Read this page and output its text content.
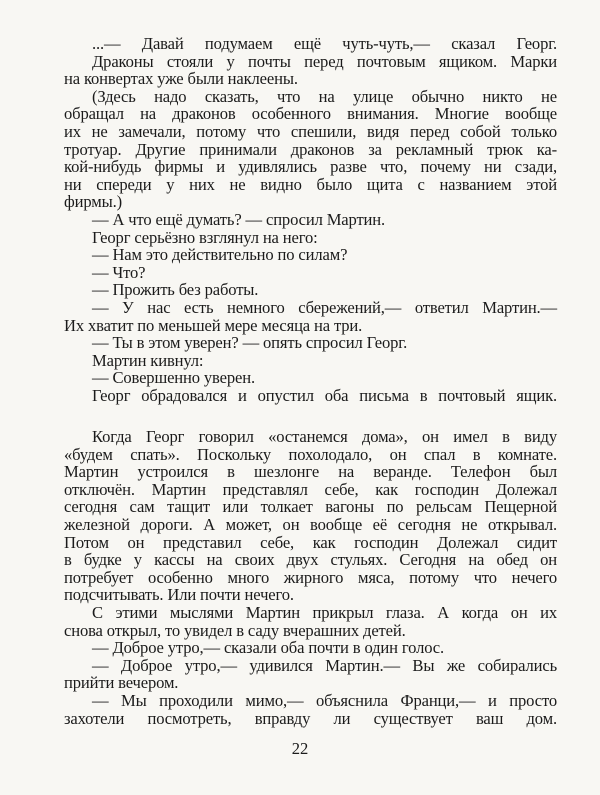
...— Давай подумаем ещё чуть-чуть,— сказал Георг.
Драконы стояли у почты перед почтовым ящиком. Марки
на конвертах уже были наклеены.
(Здесь надо сказать, что на улице обычно никто не
обращал на драконов особенного внимания. Многие вообще
их не замечали, потому что спешили, видя перед собой только
тротуар. Другие принимали драконов за рекламный трюк ка-
кой-нибудь фирмы и удивлялись разве что, почему ни сзади,
ни спереди у них не видно было щита с названием этой
фирмы.)
— А что ещё думать? — спросил Мартин.
Георг серьёзно взглянул на него:
— Нам это действительно по силам?
— Что?
— Прожить без работы.
— У нас есть немного сбережений,— ответил Мартин.—
Их хватит по меньшей мере месяца на три.
— Ты в этом уверен? — опять спросил Георг.
Мартин кивнул:
— Совершенно уверен.
Георг обрадовался и опустил оба письма в почтовый ящик.
Когда Георг говорил «останемся дома», он имел в виду
«будем спать». Поскольку похолодало, он спал в комнате.
Мартин устроился в шезлонге на веранде. Телефон был
отключён. Мартин представлял себе, как господин Долежал
сегодня сам тащит или толкает вагоны по рельсам Пещерной
железной дороги. А может, он вообще её сегодня не открывал.
Потом он представил себе, как господин Долежал сидит
в будке у кассы на своих двух стульях. Сегодня на обед он
потребует особенно много жирного мяса, потому что нечего
подсчитывать. Или почти нечего.
С этими мыслями Мартин прикрыл глаза. А когда он их
снова открыл, то увидел в саду вчерашних детей.
— Доброе утро,— сказали оба почти в один голос.
— Доброе утро,— удивился Мартин.— Вы же собирались
прийти вечером.
— Мы проходили мимо,— объяснила Франци,— и просто
захотели посмотреть, вправду ли существует ваш дом.
22
